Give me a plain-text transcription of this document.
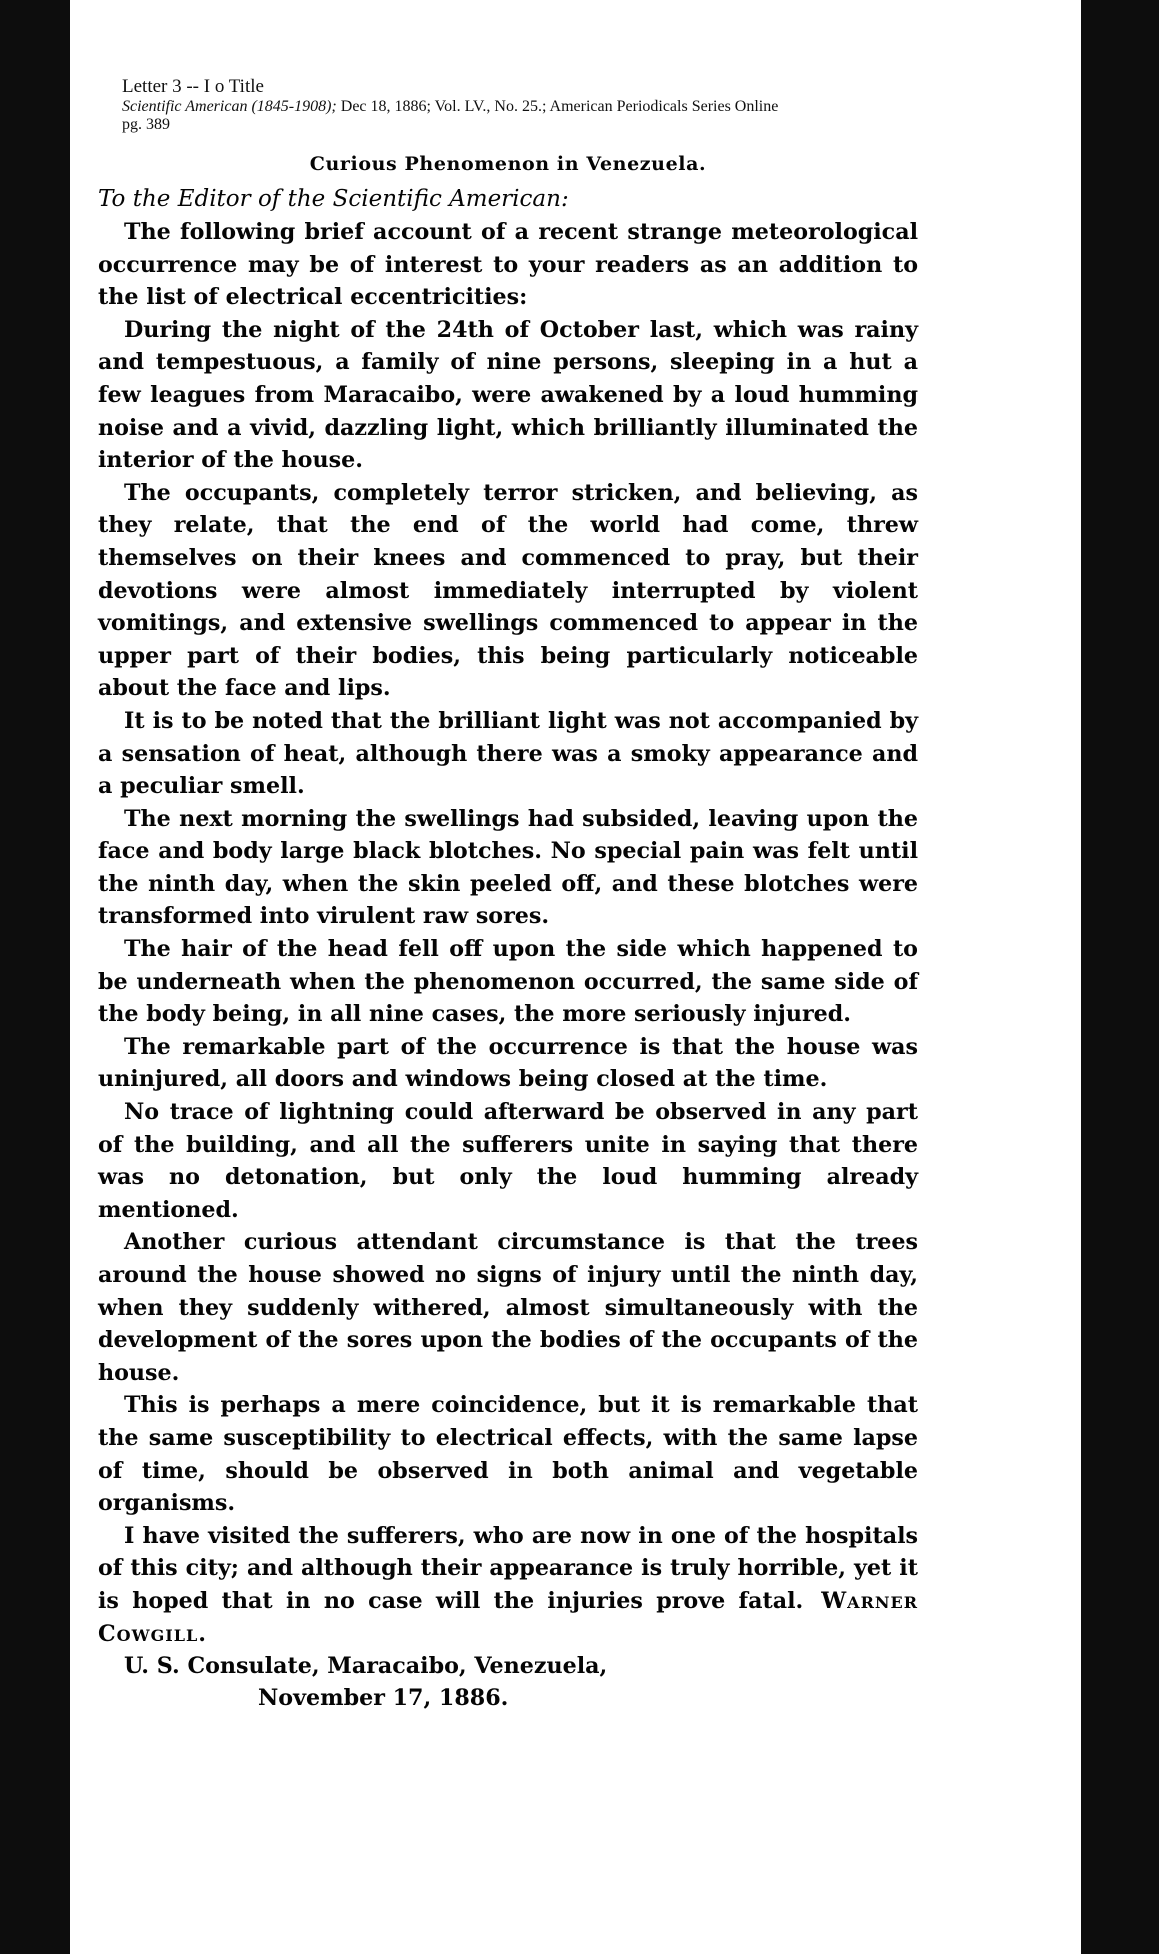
Letter 3 -- I o Title
Scientific American (1845-1908); Dec 18, 1886; Vol. LV., No. 25.; American Periodicals Series Online
pg. 389
Curious Phenomenon in Venezuela.
To the Editor of the Scientific American:

The following brief account of a recent strange meteorological occurrence may be of interest to your readers as an addition to the list of electrical eccentricities:

During the night of the 24th of October last, which was rainy and tempestuous, a family of nine persons, sleeping in a hut a few leagues from Maracaibo, were awakened by a loud humming noise and a vivid, dazzling light, which brilliantly illuminated the interior of the house.

The occupants, completely terror stricken, and believing, as they relate, that the end of the world had come, threw themselves on their knees and commenced to pray, but their devotions were almost immediately interrupted by violent vomitings, and extensive swellings commenced to appear in the upper part of their bodies, this being particularly noticeable about the face and lips.

It is to be noted that the brilliant light was not accompanied by a sensation of heat, although there was a smoky appearance and a peculiar smell.

The next morning the swellings had subsided, leaving upon the face and body large black blotches. No special pain was felt until the ninth day, when the skin peeled off, and these blotches were transformed into virulent raw sores.

The hair of the head fell off upon the side which happened to be underneath when the phenomenon occurred, the same side of the body being, in all nine cases, the more seriously injured.

The remarkable part of the occurrence is that the house was uninjured, all doors and windows being closed at the time.

No trace of lightning could afterward be observed in any part of the building, and all the sufferers unite in saying that there was no detonation, but only the loud humming already mentioned.

Another curious attendant circumstance is that the trees around the house showed no signs of injury until the ninth day, when they suddenly withered, almost simultaneously with the development of the sores upon the bodies of the occupants of the house.

This is perhaps a mere coincidence, but it is remarkable that the same susceptibility to electrical effects, with the same lapse of time, should be observed in both animal and vegetable organisms.

I have visited the sufferers, who are now in one of the hospitals of this city; and although their appearance is truly horrible, yet it is hoped that in no case will the injuries prove fatal. Warner Cowgill.

U. S. Consulate, Maracaibo, Venezuela,
November 17, 1886.
